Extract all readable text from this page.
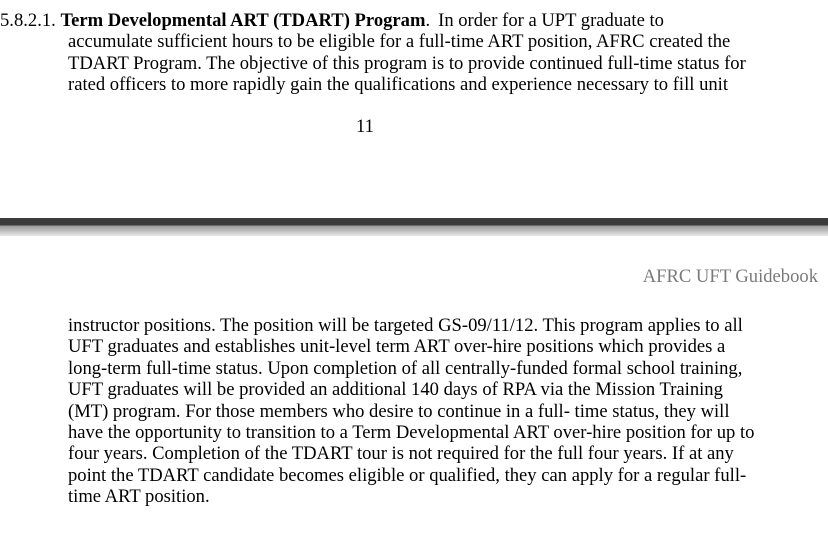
5.8.2.1. Term Developmental ART (TDART) Program. In order for a UPT graduate to
accumulate sufficient hours to be eligible for a full-time ART position, AFRC created the
TDART Program. The objective of this program is to provide continued full-time status for
rated officers to more rapidly gain the qualifications and experience necessary to fill unit

11
AFRC UFT Guidebook

instructor positions. The position will be targeted GS-09/11/12. This program applies to all
UFT graduates and establishes unit-level term ART over-hire positions which provides a
long-term full-time status. Upon completion of all centrally-funded formal school training,
UFT graduates will be provided an additional 140 days of RPA via the Mission Training
(MT) program. For those members who desire to continue in a full- time status, they will
have the opportunity to transition to a Term Developmental ART over-hire position for up to
four years. Completion of the TDART tour is not required for the full four years. If at any
point the TDART candidate becomes eligible or qualified, they can apply for a regular full-
time ART position.
